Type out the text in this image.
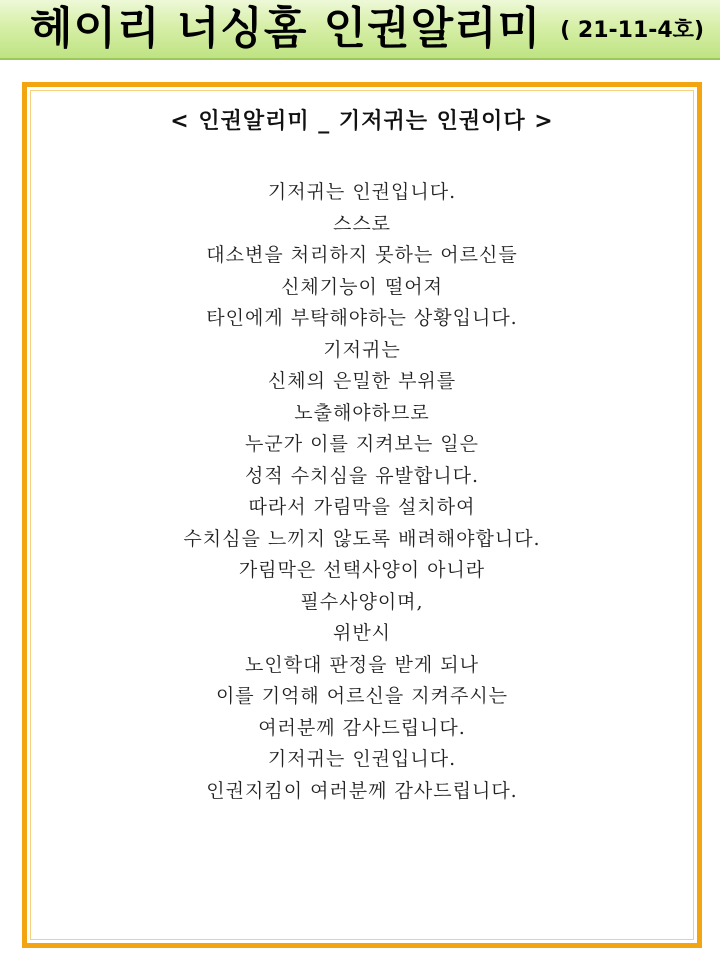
헤이리 너싱홈 인권알리미 ( 21-11-4호)
< 인권알리미 _ 기저귀는 인권이다 >
기저귀는 인권입니다.
스스로
대소변을 처리하지 못하는 어르신들
신체기능이 떨어져
타인에게 부탁해야하는 상황입니다.
기저귀는
신체의 은밀한 부위를
노출해야하므로
누군가 이를 지켜보는 일은
성적 수치심을 유발합니다.
따라서 가림막을 설치하여
수치심을 느끼지 않도록 배려해야합니다.
가림막은 선택사양이 아니라
필수사양이며,
위반시
노인학대 판정을 받게 되나
이를 기억해 어르신을 지켜주시는
여러분께 감사드립니다.
기저귀는 인권입니다.
인권지킴이 여러분께 감사드립니다.
